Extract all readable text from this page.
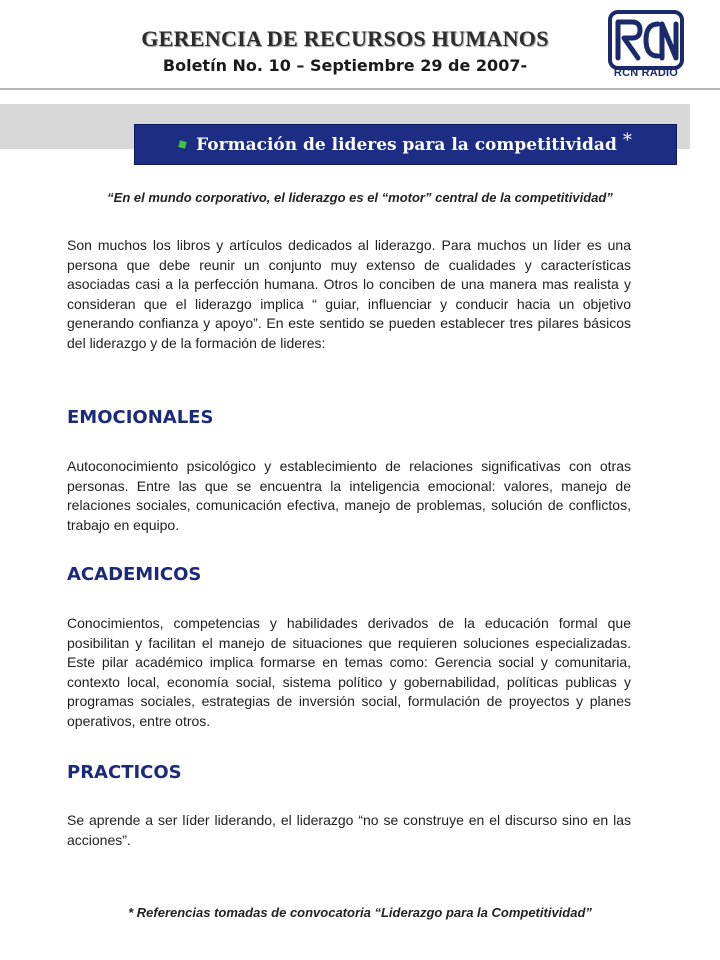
GERENCIA DE RECURSOS HUMANOS
Boletín No. 10 – Septiembre 29 de 2007-	RCN RADIO
Formación de lideres para la competitividad *

“En el mundo corporativo, el liderazgo es el “motor” central de la competitividad”

Son muchos los libros y artículos dedicados al liderazgo. Para muchos un líder es una persona que debe reunir un conjunto muy extenso de cualidades y características asociadas casi a la perfección humana. Otros lo conciben de una manera mas realista y consideran que el liderazgo implica “ guiar, influenciar y conducir hacia un objetivo generando confianza y apoyo”. En este sentido se pueden establecer tres pilares básicos del liderazgo y de la formación de lideres:

EMOCIONALES

Autoconocimiento psicológico y establecimiento de relaciones significativas con otras personas. Entre las que se encuentra la inteligencia emocional: valores, manejo de relaciones sociales, comunicación efectiva, manejo de problemas, solución de conflictos, trabajo en equipo.

ACADEMICOS

Conocimientos, competencias y habilidades derivados de la educación formal que posibilitan y facilitan el manejo de situaciones que requieren soluciones especializadas. Este pilar académico implica formarse en temas como: Gerencia social y comunitaria, contexto local, economía social, sistema político y gobernabilidad, políticas publicas y programas sociales, estrategias de inversión social, formulación de proyectos y planes operativos, entre otros.

PRACTICOS

Se aprende a ser líder liderando, el liderazgo “no se construye en el discurso sino en las acciones”.

* Referencias tomadas de convocatoria “Liderazgo para la Competitividad”
